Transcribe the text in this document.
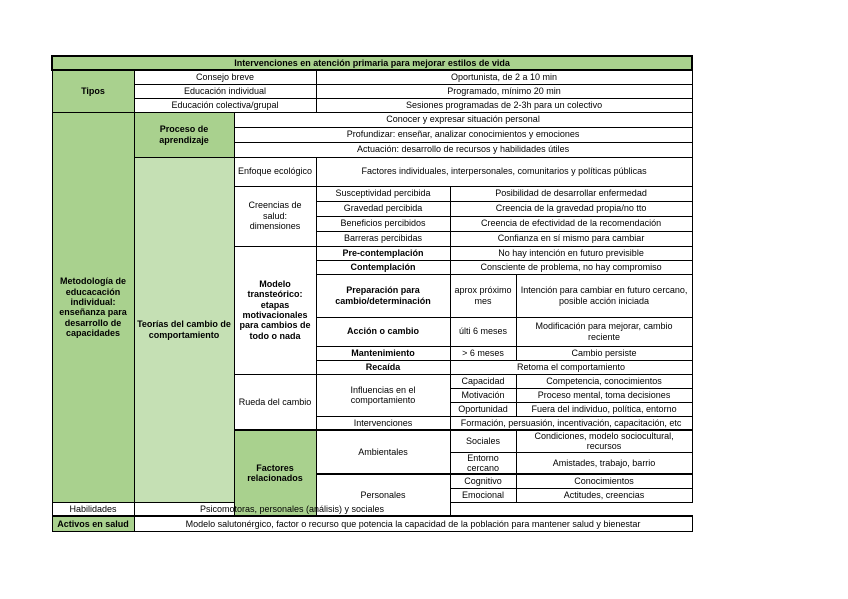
Intervenciones en atención primaria para mejorar estilos de vida					
Tipos	Consejo breve		Oportunista, de 2 a 10 min		
	Educación individual		Programado, mínimo 20 min		
	Educación colectiva/grupal		Sesiones programadas de 2-3h para un colectivo		
Metodología de educacación individual: enseñanza para desarrollo de capacidades	Proceso de aprendizaje	Conocer y expresar situación personal			
		Profundizar: enseñar, analizar conocimientos y emociones			
		Actuación: desarrollo de recursos y habilidades útiles			
	Teorías del cambio de comportamiento	Enfoque ecológico	Factores individuales, interpersonales, comunitarios y políticas públicas		
		Creencias de salud: dimensiones	Susceptividad percibida	Posibilidad de desarrollar enfermedad	
			Gravedad percibida	Creencia de la gravedad propia/no tto	
			Beneficios percibidos	Creencia de efectividad de la recomendación	
			Barreras percibidas	Confianza en sí mismo para cambiar	
		Modelo transteórico: etapas motivacionales para cambios de todo o nada	Pre-contemplación	No hay intención en futuro previsible	
			Contemplación	Consciente de problema, no hay compromiso	
			Preparación para cambio/determinación	aprox próximo mes	Intención para cambiar en futuro cercano, posible acción iniciada
			Acción o cambio	últi 6 meses	Modificación para mejorar, cambio reciente
			Mantenimiento	> 6 meses	Cambio persiste
			Recaída	Retoma el comportamiento	
		Rueda del cambio	Influencias en el comportamiento	Capacidad	Competencia, conocimientos
				Motivación	Proceso mental, toma decisiones
				Oportunidad	Fuera del individuo, política, entorno
			Intervenciones	Formación, persuasión, incentivación, capacitación, etc	
		Factores relacionados	Ambientales	Sociales	Condiciones, modelo sociocultural, recursos
				Entorno cercano	Amistades, trabajo, barrio
			Personales	Cognitivo	Conocimientos
				Emocional	Actitudes, creencias
Habilidades	Psicomotoras, personales (análisis) y sociales				
Activos en salud	Modelo salutonérgico, factor o recurso que potencia la capacidad de la población para mantener salud y bienestar				
